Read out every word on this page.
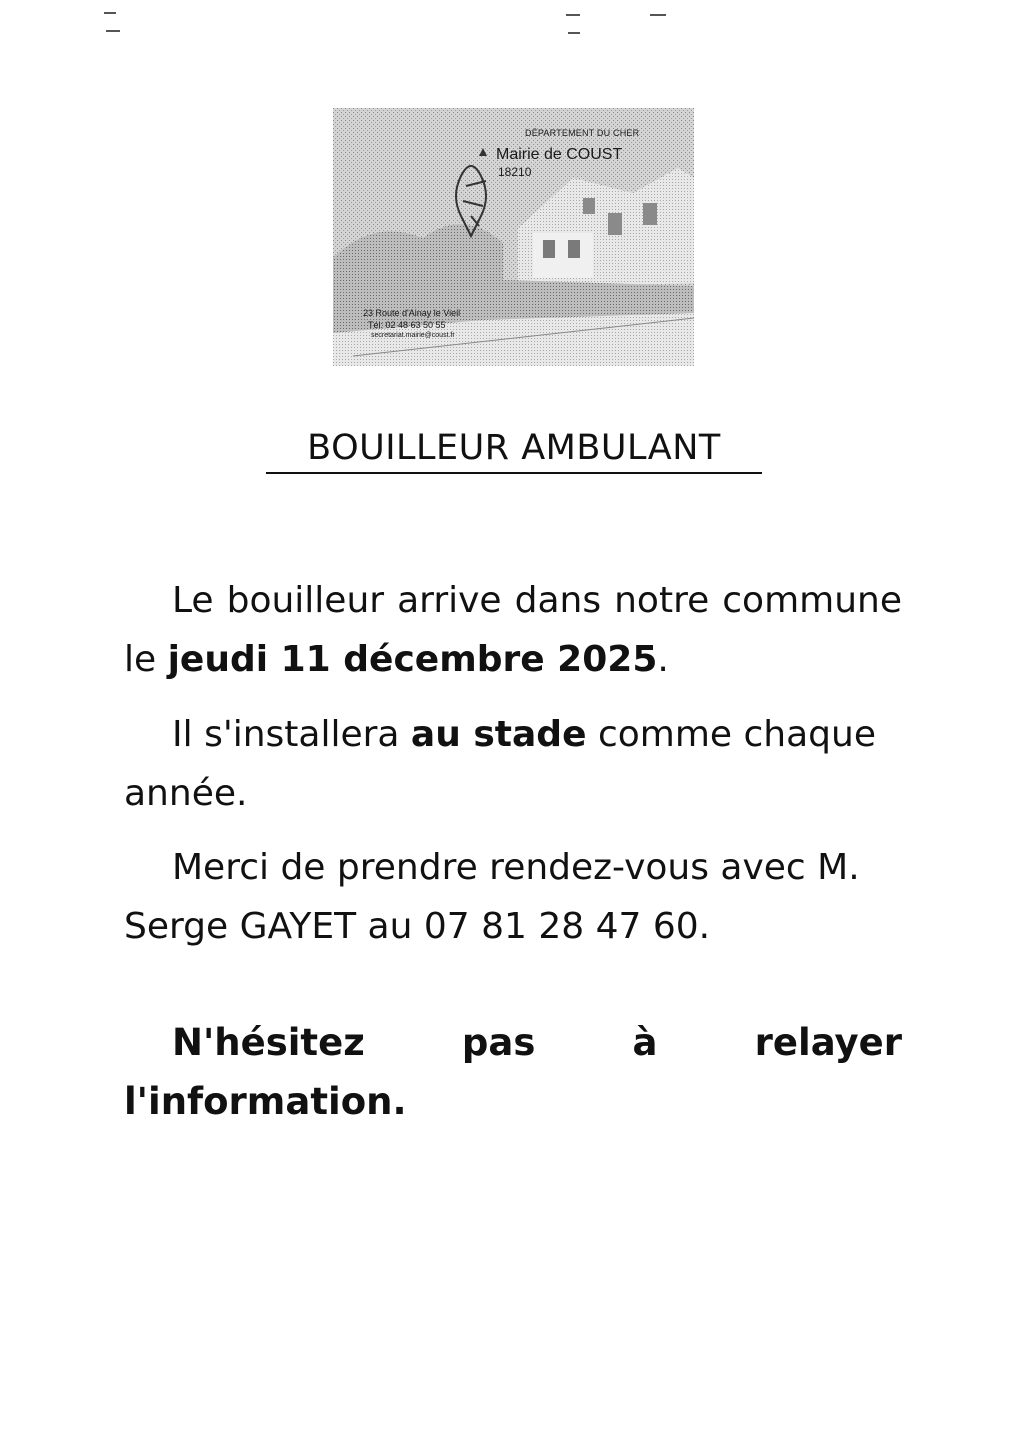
DÉPARTEMENT DU CHER
Mairie de COUST
18210
23 Route d'Ainay le Vieil
Tél: 02 48 63 50 55
secretariat.mairie@coust.fr
BOUILLEUR AMBULANT

Le bouilleur arrive dans notre commune le jeudi 11 décembre 2025.

Il s'installera au stade comme chaque année.

Merci de prendre rendez-vous avec M. Serge GAYET au 07 81 28 47 60.

N'hésitez pas à relayer l'information.
